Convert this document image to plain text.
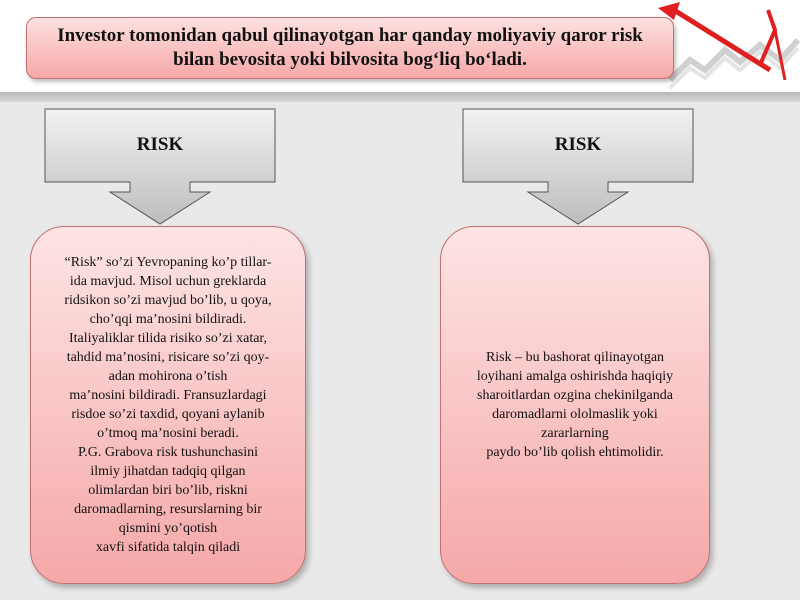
Investor tomonidan qabul qilinayotgan har qanday moliyaviy qaror risk bilan bevosita yoki bilvosita bog‘liq bo‘ladi.
RISK	RISK
“Risk” so’zi Yevropaning ko’p tillar-
ida mavjud. Misol uchun greklarda
ridsikon so’zi mavjud bo’lib, u qoya,
cho’qqi ma’nosini bildiradi.
Italiyaliklar tilida risiko so’zi xatar,
tahdid ma’nosini, risicare so’zi qoy-
adan mohirona o’tish
ma’nosini bildiradi. Fransuzlardagi
risdoe so’zi taxdid, qoyani aylanib
o’tmoq ma’nosini beradi.
P.G. Grabova risk tushunchasini
ilmiy jihatdan tadqiq qilgan
olimlardan biri bo’lib, riskni
daromadlarning, resurslarning bir
qismini yo’qotish
xavfi sifatida talqin qiladi
Risk – bu bashorat qilinayotgan
loyihani amalga oshirishda haqiqiy
sharoitlardan ozgina chekinilganda
daromadlarni ololmaslik yoki
zararlarning
paydo bo’lib qolish ehtimolidir.
